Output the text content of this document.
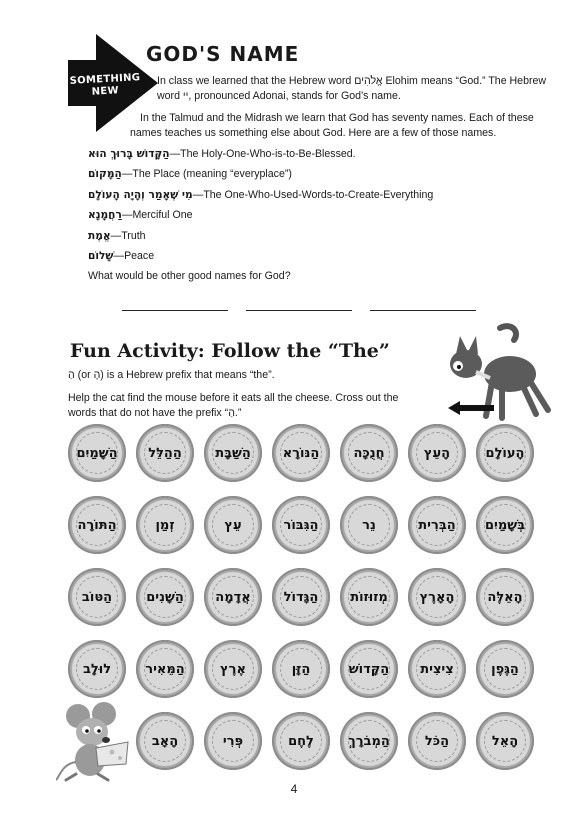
SOMETHING
NEW
GOD'S NAME
In class we learned that the Hebrew word אֱלֹהִים Elohim means “God.” The Hebrew word יי, pronounced Adonai, stands for God’s name.
In the Talmud and the Midrash we learn that God has seventy names. Each of these names teaches us something else about God. Here are a few of those names.
הַקָּדוֹשׁ בָּרוּךְ הוּא—The Holy-One-Who-is-to-Be-Blessed.
הַמָּקוֹם—The Place (meaning “everyplace”)
מִי שֶׁאָמַר וְהָיָה הָעוֹלָם—The One-Who-Used-Words-to-Create-Everything
רַחֲמָנָא—Merciful One
אֱמֶת—Truth
שָׁלוֹם—Peace
What would be other good names for God?
Fun Activity: Follow the “The”
הַ (or הָ) is a Hebrew prefix that means “the”.
Help the cat find the mouse before it eats all the cheese. Cross out the words that do not have the prefix “הַ.”
הָעוֹלָם
הָעֵץ
חֲנֻכָּה
הַנּוֹרָא
הַשַּׁבָּת
הַהַלֵּל
הַשָּׁמַיִם
בְּשָׁמַיִם
הַבְּרִית
נֵר
הַגִּבּוֹר
עֵץ
זְמַן
הַתּוֹרָה
הָאֵלֶּה
הָאָרֶץ
מְזוּזוֹת
הַגָּדוֹל
אֲדָמָה
הַשָּׁנִים
הַטּוֹב
הַגֶּפֶן
צִיצִית
הַקָּדוֹשׁ
הַזָּן
אֶרֶץ
הַמֵּאִיר
לוּלָב
הָאֵל
הַכֹּל
הַמְבֹרָךְ
לֶחֶם
פְּרִי
הָאָב
4
